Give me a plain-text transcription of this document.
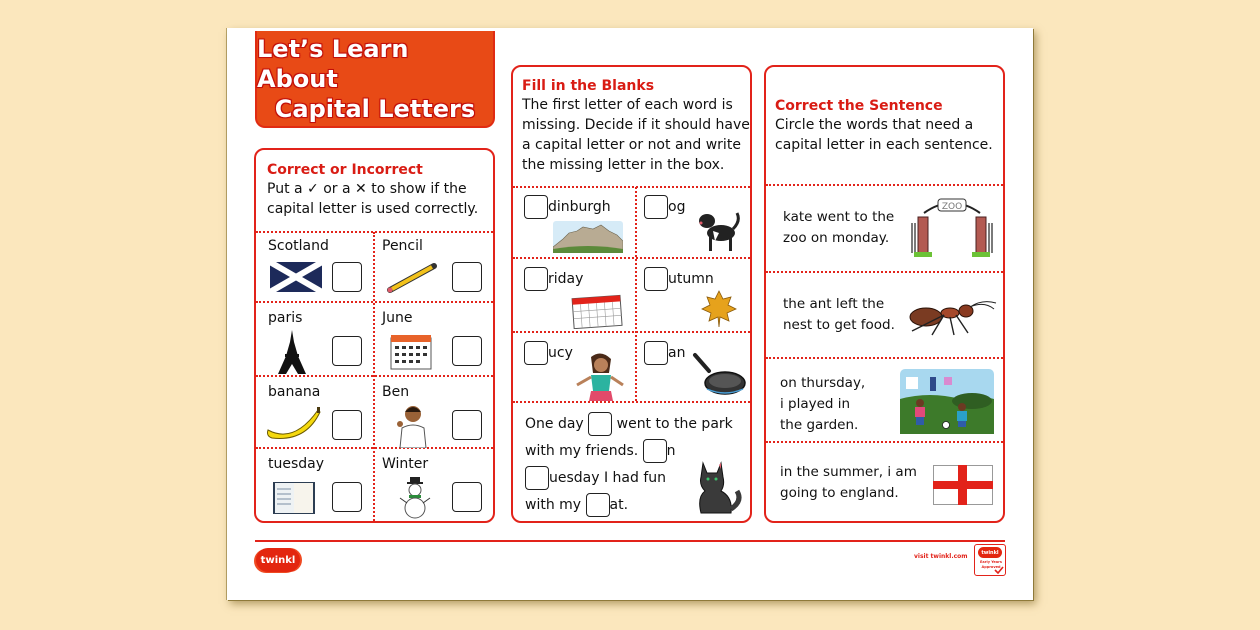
Let’s Learn About
Capital Letters
Correct or Incorrect
Put a ✓ or a ✕ to show if the
capital letter is used correctly.
Scotland	Pencil
paris	June
banana	Ben
tuesday	Winter
Fill in the Blanks
The first letter of each word is
missing. Decide if it should have
a capital letter or not and write
the missing letter in the box.
dinburgh	og
riday	utumn
ucy	an
One day went to the park
with my friends. n
uesday I had fun
with my at.
Correct the Sentence
Circle the words that need a
capital letter in each sentence.
kate went to the
zoo on monday.
ZOO
the ant left the
nest to get food.
on thursday,
i played in
the garden.
in the summer, i am
going to england.
twinkl	visit twinkl.com
twinkl
Early Years Approved
